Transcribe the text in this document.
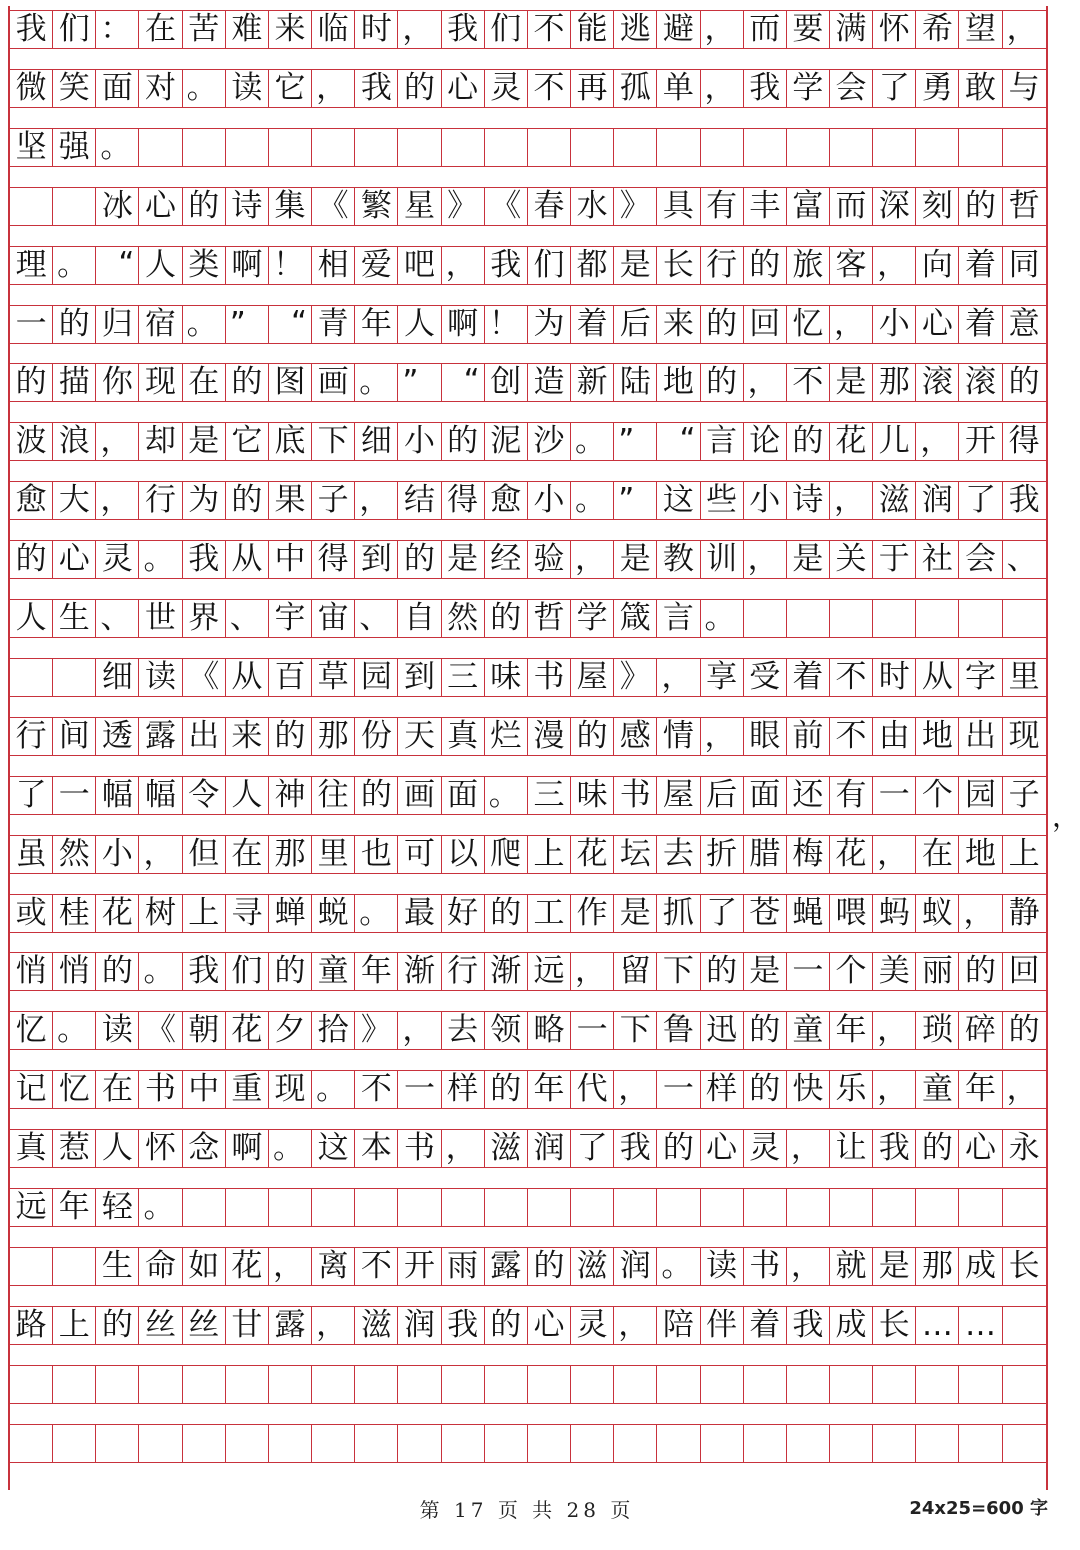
我 们 ： 在 苦 难 来 临 时 ， 我 们 不 能 逃 避 ， 而 要 满 怀 希 望 ，
微 笑 面 对 。 读 它 ， 我 的 心 灵 不 再 孤 单 ， 我 学 会 了 勇 敢 与
坚 强 。
冰 心 的 诗 集 《 繁 星 》 《 春 水 》 具 有 丰 富 而 深 刻 的 哲
理 。 “ 人 类 啊 ！ 相 爱 吧 ， 我 们 都 是 长 行 的 旅 客 ， 向 着 同
一 的 归 宿 。 ”	“ 青 年 人 啊 ！ 为 着 后 来 的 回 忆 ， 小 心 着 意
的 描 你 现 在 的 图 画 。 ”	“ 创 造 新 陆 地 的 ， 不 是 那 滚 滚 的
波 浪 ， 却 是 它 底 下 细 小 的 泥 沙 。 ”	“ 言 论 的 花 儿 ， 开 得
愈 大 ， 行 为 的 果 子 ， 结 得 愈 小 。 ” 这 些 小 诗 ， 滋 润 了 我
的 心 灵 。 我 从 中 得 到 的 是 经 验 ， 是 教 训 ， 是 关 于 社 会 、
人 生 、 世 界 、 宇 宙 、 自 然 的 哲 学 箴 言 。
细 读 《 从 百 草 园 到 三 味 书 屋 》 ， 享 受 着 不 时 从 字 里
行 间 透 露 出 来 的 那 份 天 真 烂 漫 的 感 情 ， 眼 前 不 由 地 出 现
了 一 幅 幅 令 人 神 往 的 画 面 。 三 味 书 屋 后 面 还 有 一 个 园 子
虽 然 小 ， 但 在 那 里 也 可 以 爬 上 花 坛 去 折 腊 梅 花 ， 在 地 上
或 桂 花 树 上 寻 蝉 蜕 。 最 好 的 工 作 是 抓 了 苍 蝇 喂 蚂 蚁 ， 静
悄 悄 的 。 我 们 的 童 年 渐 行 渐 远 ， 留 下 的 是 一 个 美 丽 的 回
忆 。 读 《 朝 花 夕 拾 》 ， 去 领 略 一 下 鲁 迅 的 童 年 ， 琐 碎 的
记 忆 在 书 中 重 现 。 不 一 样 的 年 代 ， 一 样 的 快 乐 ， 童 年 ，
真 惹 人 怀 念 啊 。 这 本 书 ， 滋 润 了 我 的 心 灵 ， 让 我 的 心 永
远 年 轻 。
生 命 如 花 ， 离 不 开 雨 露 的 滋 润 。 读 书 ， 就 是 那 成 长
路 上 的 丝 丝 甘 露 ， 滋 润 我 的 心 灵 ， 陪 伴 着 我 成 长 … …
，
第 17 页 共 28 页	24x25=600 字
